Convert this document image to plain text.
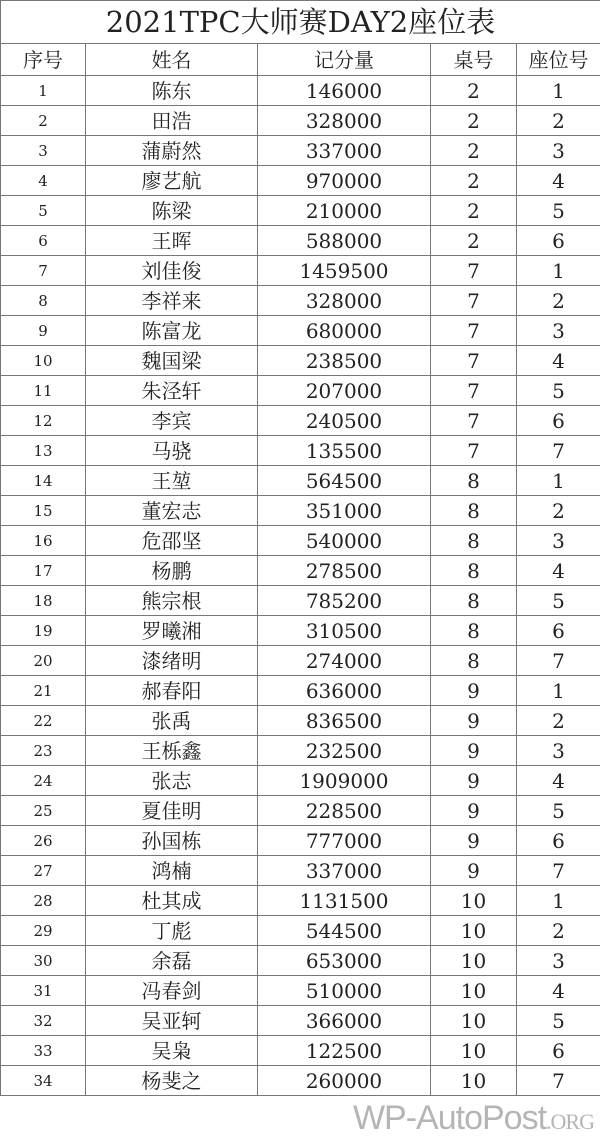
2021TPC大师赛DAY2座位表				
序号	姓名	记分量	桌号	座位号
1	陈东	146000	2	1
2	田浩	328000	2	2
3	蒲蔚然	337000	2	3
4	廖艺航	970000	2	4
5	陈梁	210000	2	5
6	王晖	588000	2	6
7	刘佳俊	1459500	7	1
8	李祥来	328000	7	2
9	陈富龙	680000	7	3
10	魏国梁	238500	7	4
11	朱泾轩	207000	7	5
12	李宾	240500	7	6
13	马骁	135500	7	7
14	王堃	564500	8	1
15	董宏志	351000	8	2
16	危邵坚	540000	8	3
17	杨鹏	278500	8	4
18	熊宗根	785200	8	5
19	罗曦湘	310500	8	6
20	漆绪明	274000	8	7
21	郝春阳	636000	9	1
22	张禹	836500	9	2
23	王栎鑫	232500	9	3
24	张志	1909000	9	4
25	夏佳明	228500	9	5
26	孙国栋	777000	9	6
27	鸿楠	337000	9	7
28	杜其成	1131500	10	1
29	丁彪	544500	10	2
30	余磊	653000	10	3
31	冯春剑	510000	10	4
32	吴亚轲	366000	10	5
33	吴枭	122500	10	6
34	杨斐之	260000	10	7
WP-AutoPost.ORG
